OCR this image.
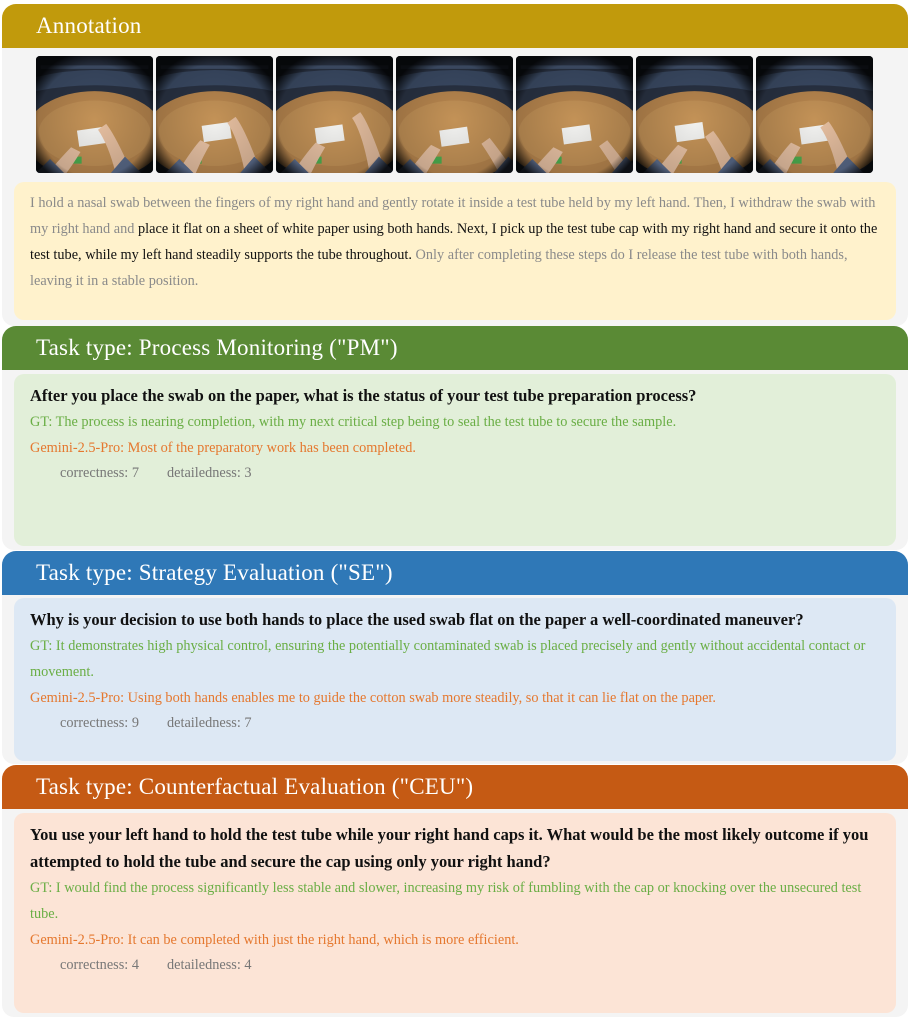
Annotation

I hold a nasal swab between the fingers of my right hand and gently rotate it inside a test tube held by my left hand. Then, I withdraw the swab with my right hand and place it flat on a sheet of white paper using both hands. Next, I pick up the test tube cap with my right hand and secure it onto the test tube, while my left hand steadily supports the tube throughout. Only after completing these steps do I release the test tube with both hands, leaving it in a stable position.

Task type: Process Monitoring ("PM")
After you place the swab on the paper, what is the status of your test tube preparation process?
GT: The process is nearing completion, with my next critical step being to seal the test tube to secure the sample.
Gemini-2.5-Pro: Most of the preparatory work has been completed.
correctness: 7 detailedness: 3
Task type: Strategy Evaluation ("SE")
Why is your decision to use both hands to place the used swab flat on the paper a well-coordinated maneuver?
GT: It demonstrates high physical control, ensuring the potentially contaminated swab is placed precisely and gently without accidental contact or movement.
Gemini-2.5-Pro: Using both hands enables me to guide the cotton swab more steadily, so that it can lie flat on the paper.
correctness: 9 detailedness: 7
Task type: Counterfactual Evaluation ("CEU")
You use your left hand to hold the test tube while your right hand caps it. What would be the most likely outcome if you attempted to hold the tube and secure the cap using only your right hand?
GT: I would find the process significantly less stable and slower, increasing my risk of fumbling with the cap or knocking over the unsecured test tube.
Gemini-2.5-Pro: It can be completed with just the right hand, which is more efficient.
correctness: 4 detailedness: 4
